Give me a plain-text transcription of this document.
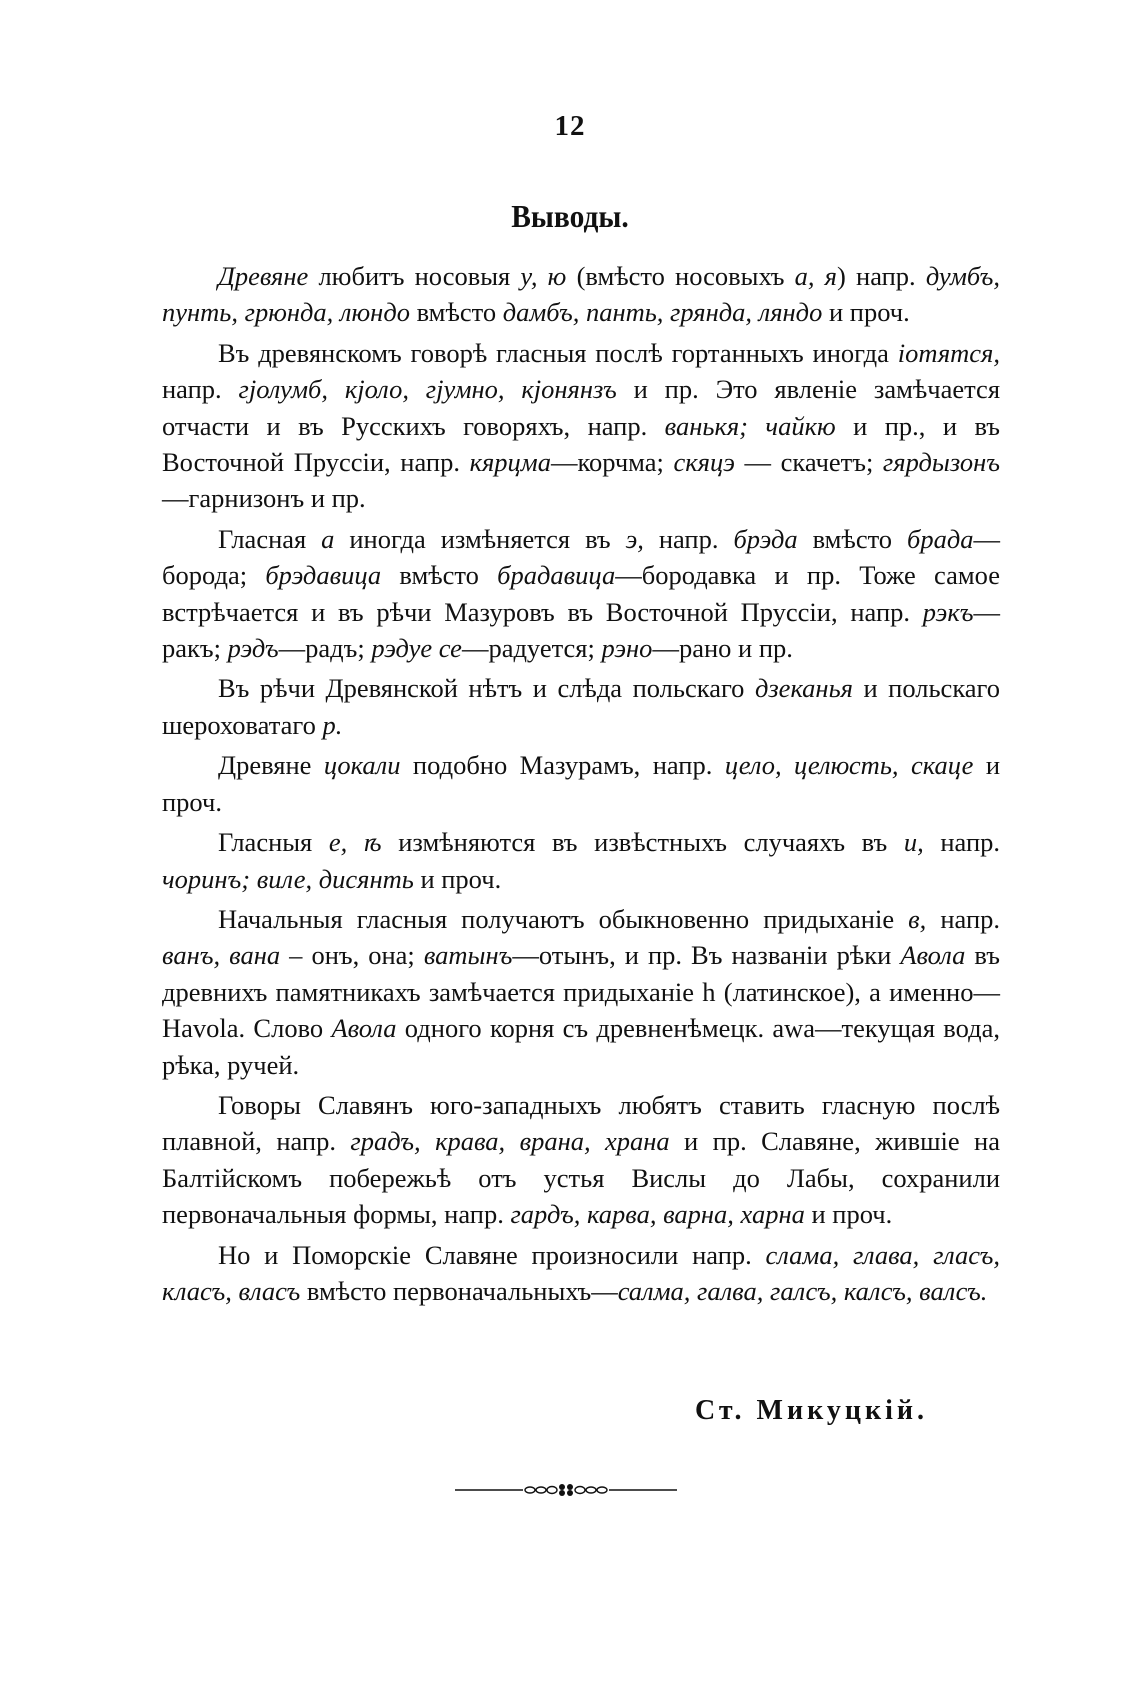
12
Выводы.

Древяне любитъ носовыя у, ю (вмѣсто носовыхъ а, я) напр. думбъ, пунть, грюнда, люндо вмѣсто дамбъ, панть, грянда, ляндо и проч.

Въ древянскомъ говорѣ гласныя послѣ гортанныхъ иногда іотятся, напр. гјолумб, кјоло, гјумно, кјонянзъ и пр. Это явленіе замѣчается отчасти и въ Русскихъ говоряхъ, напр. ванькя; чайкю и пр., и въ Восточной Пруссіи, напр. кярцма—корчма; скяцэ — скачетъ; гярдызонъ—гарнизонъ и пр.

Гласная а иногда измѣняется въ э, напр. брэда вмѣсто брада—борода; брэдавица вмѣсто брадавица—бородавка и пр. Тоже самое встрѣчается и въ рѣчи Мазуровъ въ Восточной Пруссіи, напр. рэкъ—ракъ; рэдъ—радъ; рэдуе се—радуется; рэно—рано и пр.

Въ рѣчи Древянской нѣтъ и слѣда польскаго дзеканья и польскаго шероховатаго р.

Древяне цокали подобно Мазурамъ, напр. цело, целюсть, скаце и проч.

Гласныя е, ѣ измѣняются въ извѣстныхъ случаяхъ въ и, напр. чоринъ; виле, дисянть и проч.

Начальныя гласныя получаютъ обыкновенно придыханіе в, напр. ванъ, вана – онъ, она; ватынъ—отынъ, и пр. Въ названіи рѣки Авола въ древнихъ памятникахъ замѣчается придыханіе h (латинское), а именно—Havola. Слово Авола одного корня съ древненѣмецк. awa—текущая вода, рѣка, ручей.

Говоры Славянъ юго-западныхъ любятъ ставить гласную послѣ плавной, напр. градъ, крава, врана, храна и пр. Славяне, жившіе на Балтійскомъ побережьѣ отъ устья Вислы до Лабы, сохранили первоначальныя формы, напр. гардъ, карва, варна, харна и проч.

Но и Поморскіе Славяне произносили напр. слама, глава, гласъ, класъ, власъ вмѣсто первоначальныхъ—салма, галва, галсъ, калсъ, валсъ.

Ст. Микуцкій.
